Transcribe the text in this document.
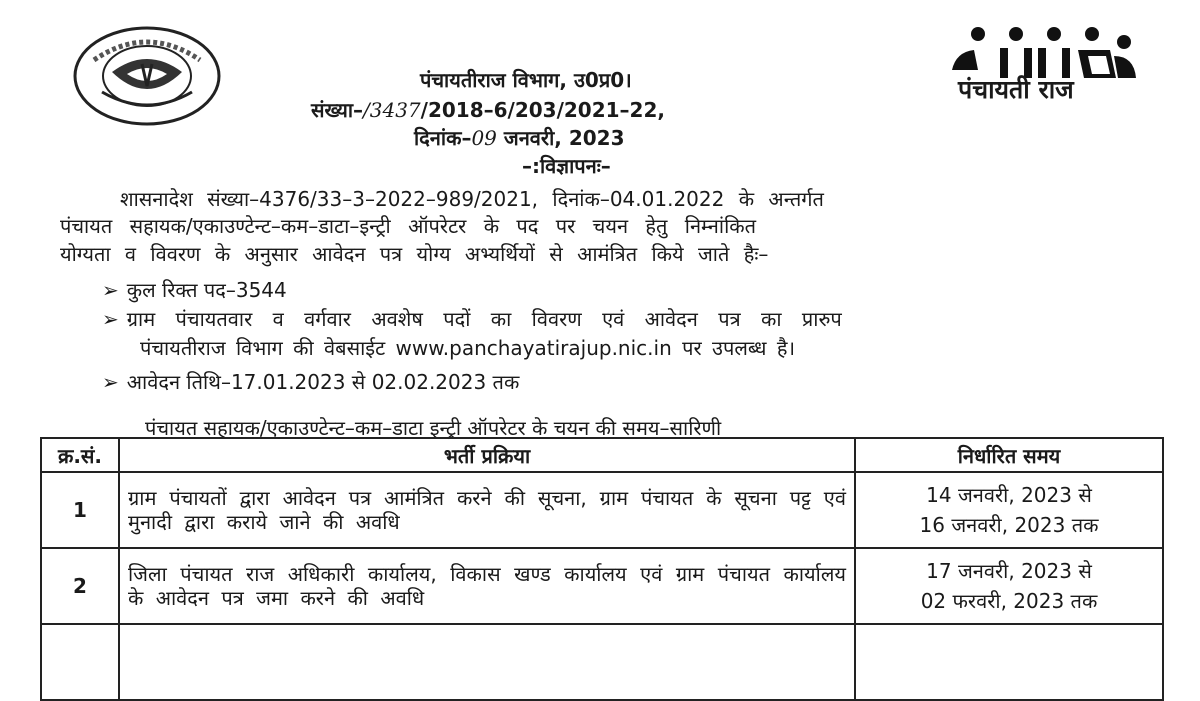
पंचायती राज
पंचायतीराज विभाग, उ0प्र0।
संख्या–/3437/2018–6/203/2021–22,
दिनांक–09 जनवरी, 2023
–:विज्ञापनः–
शासनादेश संख्या–4376/33–3–2022–989/2021, दिनांक–04.01.2022 के अन्तर्गत
पंचायत सहायक/एकाउण्टेन्ट–कम–डाटा–इन्ट्री ऑपरेटर के पद पर चयन हेतु निम्नांकित
योग्यता व विवरण के अनुसार आवेदन पत्र योग्य अभ्यर्थियों से आमंत्रित किये जाते हैः–
➢ कुल रिक्त पद–3544
➢ ग्राम पंचायतवार व वर्गवार अवशेष पदों का विवरण एवं आवेदन पत्र का प्रारुप
पंचायतीराज विभाग की वेबसाईट www.panchayatirajup.nic.in पर उपलब्ध है।
➢ आवेदन तिथि–17.01.2023 से 02.02.2023 तक
पंचायत सहायक/एकाउण्टेन्ट–कम–डाटा इन्ट्री ऑपरेटर के चयन की समय–सारिणी
क्र.सं.	भर्ती प्रक्रिया	निर्धारित समय
1	ग्राम पंचायतों द्वारा आवेदन पत्र आमंत्रित करने की सूचना, ग्राम पंचायत के सूचना पट्ट एवं मुनादी द्वारा कराये जाने की अवधि	14 जनवरी, 2023 से
16 जनवरी, 2023 तक

2	जिला पंचायत राज अधिकारी कार्यालय, विकास खण्ड कार्यालय एवं ग्राम पंचायत कार्यालय के आवेदन पत्र जमा करने की अवधि	17 जनवरी, 2023 से
02 फरवरी, 2023 तक
